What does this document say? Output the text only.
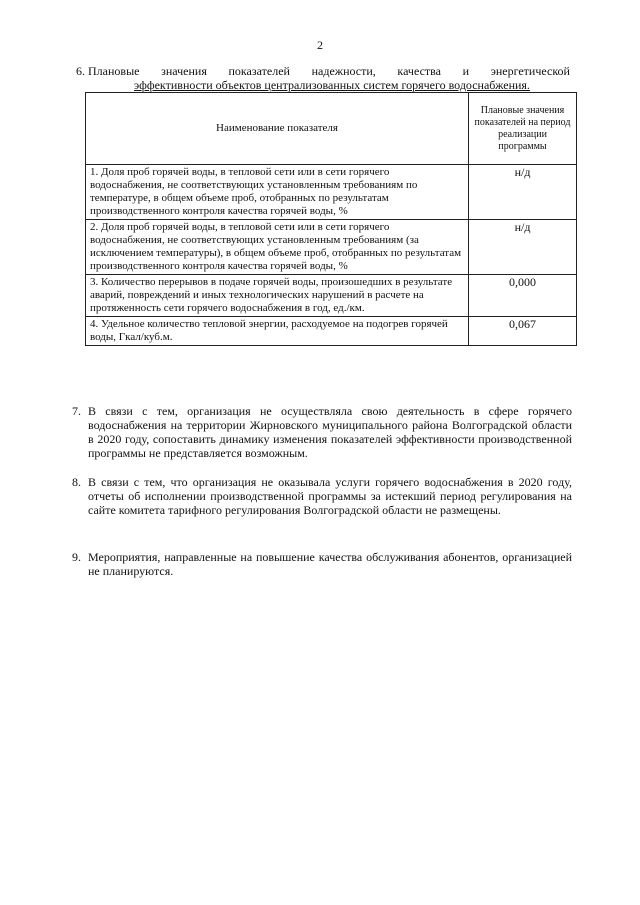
2
6. Плановые значения показателей надежности, качества и энергетической
эффективности объектов централизованных систем горячего водоснабжения.
Наименование показателя	Плановые значения показателей на период реализации программы
1. Доля проб горячей воды, в тепловой сети или в сети горячего водоснабжения, не соответствующих установленным требованиям по температуре, в общем объеме проб, отобранных по результатам производственного контроля качества горячей воды, %	н/д
2. Доля проб горячей воды, в тепловой сети или в сети горячего водоснабжения, не соответствующих установленным требованиям (за исключением температуры), в общем объеме проб, отобранных по результатам производственного контроля качества горячей воды, %	н/д
3. Количество перерывов в подаче горячей воды, произошедших в результате аварий, повреждений и иных технологических нарушений в расчете на протяженность сети горячего водоснабжения в год, ед./км.	0,000
4. Удельное количество тепловой энергии, расходуемое на подогрев горячей воды, Гкал/куб.м.	0,067
7. В связи с тем, организация не осуществляла свою деятельность в сфере горячего водоснабжения на территории Жирновского муниципального района Волгоградской области в 2020 году, сопоставить динамику изменения показателей эффективности производственной программы не представляется возможным.
8. В связи с тем, что организация не оказывала услуги горячего водоснабжения в 2020 году, отчеты об исполнении производственной программы за истекший период регулирования на сайте комитета тарифного регулирования Волгоградской области не размещены.
9. Мероприятия, направленные на повышение качества обслуживания абонентов, организацией не планируются.
